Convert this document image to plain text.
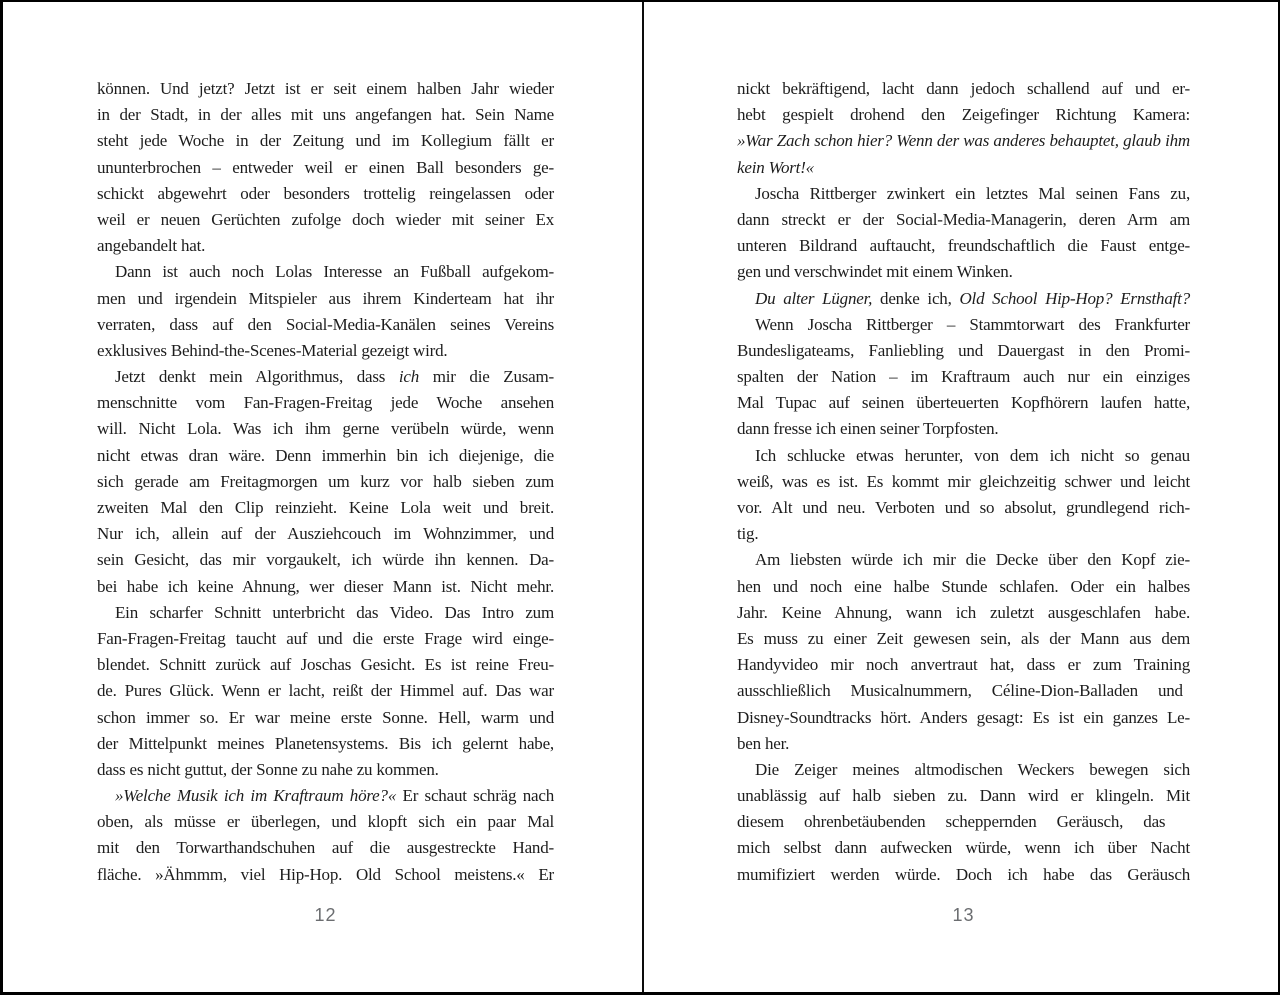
können. Und jetzt? Jetzt ist er seit einem halben Jahr wieder
in der Stadt, in der alles mit uns angefangen hat. Sein Name
steht jede Woche in der Zeitung und im Kollegium fällt er
ununterbrochen – entweder weil er einen Ball besonders ge-
schickt abgewehrt oder besonders trottelig reingelassen oder
weil er neuen Gerüchten zufolge doch wieder mit seiner Ex
angebandelt hat.
Dann ist auch noch Lolas Interesse an Fußball aufgekom-
men und irgendein Mitspieler aus ihrem Kinderteam hat ihr
verraten, dass auf den Social-Media-Kanälen seines Vereins
exklusives Behind-the-Scenes-Material gezeigt wird.
Jetzt denkt mein Algorithmus, dass ich mir die Zusam-
menschnitte vom Fan-Fragen-Freitag jede Woche ansehen
will. Nicht Lola. Was ich ihm gerne verübeln würde, wenn
nicht etwas dran wäre. Denn immerhin bin ich diejenige, die
sich gerade am Freitagmorgen um kurz vor halb sieben zum
zweiten Mal den Clip reinzieht. Keine Lola weit und breit.
Nur ich, allein auf der Ausziehcouch im Wohnzimmer, und
sein Gesicht, das mir vorgaukelt, ich würde ihn kennen. Da-
bei habe ich keine Ahnung, wer dieser Mann ist. Nicht mehr.
Ein scharfer Schnitt unterbricht das Video. Das Intro zum
Fan-Fragen-Freitag taucht auf und die erste Frage wird einge-
blendet. Schnitt zurück auf Joschas Gesicht. Es ist reine Freu-
de. Pures Glück. Wenn er lacht, reißt der Himmel auf. Das war
schon immer so. Er war meine erste Sonne. Hell, warm und
der Mittelpunkt meines Planetensystems. Bis ich gelernt habe,
dass es nicht guttut, der Sonne zu nahe zu kommen.
»Welche Musik ich im Kraftraum höre?« Er schaut schräg nach
oben, als müsse er überlegen, und klopft sich ein paar Mal
mit den Torwarthandschuhen auf die ausgestreckte Hand-
fläche. »Ähmmm, viel Hip-Hop. Old School meistens.« Er
12
nickt bekräftigend, lacht dann jedoch schallend auf und er-
hebt gespielt drohend den Zeigefinger Richtung Kamera:
»War Zach schon hier? Wenn der was anderes behauptet, glaub ihm
kein Wort!«
Joscha Rittberger zwinkert ein letztes Mal seinen Fans zu,
dann streckt er der Social-Media-Managerin, deren Arm am
unteren Bildrand auftaucht, freundschaftlich die Faust entge-
gen und verschwindet mit einem Winken.
Du alter Lügner, denke ich, Old School Hip-Hop? Ernsthaft?
Wenn Joscha Rittberger – Stammtorwart des Frankfurter
Bundesligateams, Fanliebling und Dauergast in den Promi-
spalten der Nation – im Kraftraum auch nur ein einziges
Mal Tupac auf seinen überteuerten Kopfhörern laufen hatte,
dann fresse ich einen seiner Torpfosten.
Ich schlucke etwas herunter, von dem ich nicht so genau
weiß, was es ist. Es kommt mir gleichzeitig schwer und leicht
vor. Alt und neu. Verboten und so absolut, grundlegend rich-
tig.
Am liebsten würde ich mir die Decke über den Kopf zie-
hen und noch eine halbe Stunde schlafen. Oder ein halbes
Jahr. Keine Ahnung, wann ich zuletzt ausgeschlafen habe.
Es muss zu einer Zeit gewesen sein, als der Mann aus dem
Handyvideo mir noch anvertraut hat, dass er zum Training
ausschließlich Musicalnummern, Céline-Dion-Balladen und
Disney-Soundtracks hört. Anders gesagt: Es ist ein ganzes Le-
ben her.
Die Zeiger meines altmodischen Weckers bewegen sich
unablässig auf halb sieben zu. Dann wird er klingeln. Mit
diesem ohrenbetäubenden scheppernden Geräusch, das
mich selbst dann aufwecken würde, wenn ich über Nacht
mumifiziert werden würde. Doch ich habe das Geräusch
13
